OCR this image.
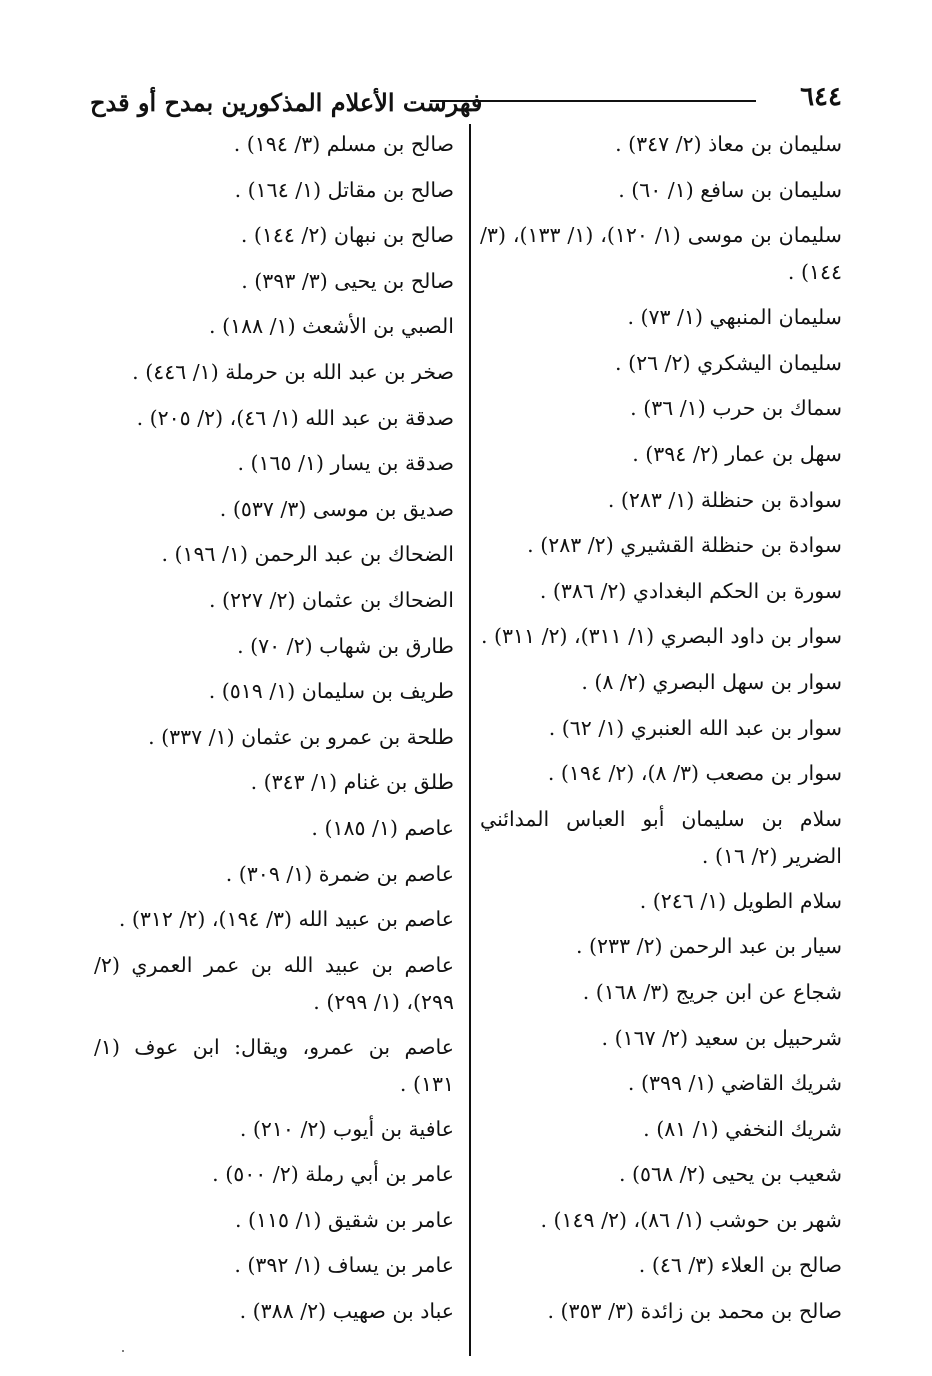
٦٤٤
فهرست الأعلام المذكورين بمدح أو قدح
سليمان بن معاذ (٢/ ٣٤٧) .
سليمان بن سافع (١/ ٦٠) .
سليمان بن موسى (١/ ١٢٠)، (١/ ١٣٣)، (٣/ ١٤٤) .
سليمان المنبهي (١/ ٧٣) .
سليمان اليشكري (٢/ ٢٦) .
سماك بن حرب (١/ ٣٦) .
سهل بن عمار (٢/ ٣٩٤) .
سوادة بن حنظلة (١/ ٢٨٣) .
سوادة بن حنظلة القشيري (٢/ ٢٨٣) .
سورة بن الحكم البغدادي (٢/ ٣٨٦) .
سوار بن داود البصري (١/ ٣١١)، (٢/ ٣١١) .
سوار بن سهل البصري (٢/ ٨) .
سوار بن عبد الله العنبري (١/ ٦٢) .
سوار بن مصعب (٣/ ٨)، (٢/ ١٩٤) .
سلام بن سليمان أبو العباس المدائني الضرير (٢/ ١٦) .
سلام الطويل (١/ ٢٤٦) .
سيار بن عبد الرحمن (٢/ ٢٣٣) .
شجاع عن ابن جريج (٣/ ١٦٨) .
شرحبيل بن سعيد (٢/ ١٦٧) .
شريك القاضي (١/ ٣٩٩) .
شريك النخفي (١/ ٨١) .
شعيب بن يحيى (٢/ ٥٦٨) .
شهر بن حوشب (١/ ٨٦)، (٢/ ١٤٩) .
صالح بن العلاء (٣/ ٤٦) .
صالح بن محمد بن زائدة (٣/ ٣٥٣) .
صالح بن مسلم (٣/ ١٩٤) .
صالح بن مقاتل (١/ ١٦٤) .
صالح بن نبهان (٢/ ١٤٤) .
صالح بن يحيى (٣/ ٣٩٣) .
الصبي بن الأشعث (١/ ١٨٨) .
صخر بن عبد الله بن حرملة (١/ ٤٤٦) .
صدقة بن عبد الله (١/ ٤٦)، (٢/ ٢٠٥) .
صدقة بن يسار (١/ ١٦٥) .
صديق بن موسى (٣/ ٥٣٧) .
الضحاك بن عبد الرحمن (١/ ١٩٦) .
الضحاك بن عثمان (٢/ ٢٢٧) .
طارق بن شهاب (٢/ ٧٠) .
طريف بن سليمان (١/ ٥١٩) .
طلحة بن عمرو بن عثمان (١/ ٣٣٧) .
طلق بن غنام (١/ ٣٤٣) .
عاصم (١/ ١٨٥) .
عاصم بن ضمرة (١/ ٣٠٩) .
عاصم بن عبيد الله (٣/ ١٩٤)، (٢/ ٣١٢) .
عاصم بن عبيد الله بن عمر العمري (٢/ ٢٩٩)، (١/ ٢٩٩) .
عاصم بن عمرو، ويقال: ابن عوف (١/ ١٣١) .
عافية بن أيوب (٢/ ٢١٠) .
عامر بن أبي رملة (٢/ ٥٠٠) .
عامر بن شقيق (١/ ١١٥) .
عامر بن يساف (١/ ٣٩٢) .
عباد بن صهيب (٢/ ٣٨٨) .
